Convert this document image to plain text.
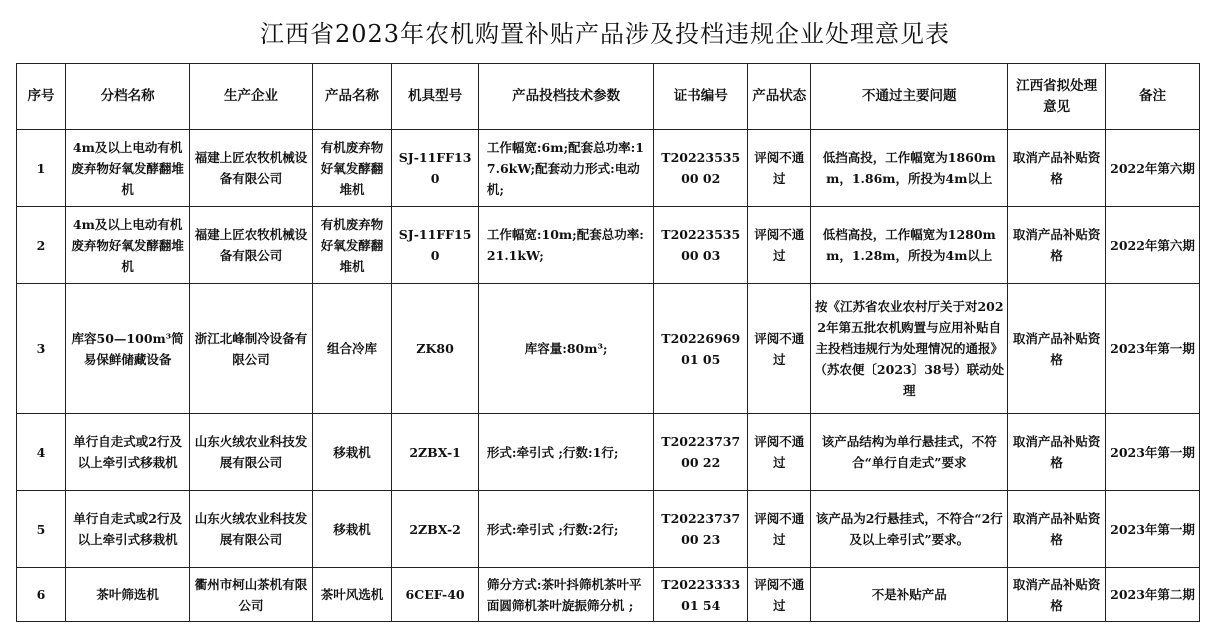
江西省2023年农机购置补贴产品涉及投档违规企业处理意见表
序号	分档名称	生产企业	产品名称	机具型号	产品投档技术参数	证书编号	产品状态	不通过主要问题	江西省拟处理意见	备注
1	4m及以上电动有机废弃物好氧发酵翻堆机	福建上匠农牧机械设备有限公司	有机废弃物好氧发酵翻堆机	SJ-11FF130	工作幅宽:6m;配套总功率:17.6kW;配套动力形式:电动机;	T2022353500 02	评阅不通过	低挡高投，工作幅宽为1860mm，1.86m，所投为4m以上	取消产品补贴资格	2022年第六期
2	4m及以上电动有机废弃物好氧发酵翻堆机	福建上匠农牧机械设备有限公司	有机废弃物好氧发酵翻堆机	SJ-11FF150	工作幅宽:10m;配套总功率:21.1kW;	T2022353500 03	评阅不通过	低档高投，工作幅宽为1280mm，1.28m，所投为4m以上	取消产品补贴资格	2022年第六期
3	库容50—100m³简易保鲜储藏设备	浙江北峰制冷设备有限公司	组合冷库	ZK80	库容量:80m³;	T2022696901 05	评阅不通过	按《江苏省农业农村厅关于对2022年第五批农机购置与应用补贴自主投档违规行为处理情况的通报》（苏农便〔2023〕38号）联动处理	取消产品补贴资格	2023年第一期
4	单行自走式或2行及以上牵引式移栽机	山东火绒农业科技发展有限公司	移栽机	2ZBX-1	形式:牵引式 ;行数:1行;	T2022373700 22	评阅不通过	该产品结构为单行悬挂式，不符合“单行自走式”要求	取消产品补贴资格	2023年第一期
5	单行自走式或2行及以上牵引式移栽机	山东火绒农业科技发展有限公司	移栽机	2ZBX-2	形式:牵引式 ;行数:2行;	T2022373700 23	评阅不通过	该产品为2行悬挂式，不符合“2行及以上牵引式”要求。	取消产品补贴资格	2023年第一期
6	茶叶筛选机	衢州市柯山茶机有限公司	茶叶风选机	6CEF-40	筛分方式:茶叶抖筛机茶叶平面圆筛机茶叶旋振筛分机 ;	T2022333301 54	评阅不通过	不是补贴产品	取消产品补贴资格	2023年第二期
